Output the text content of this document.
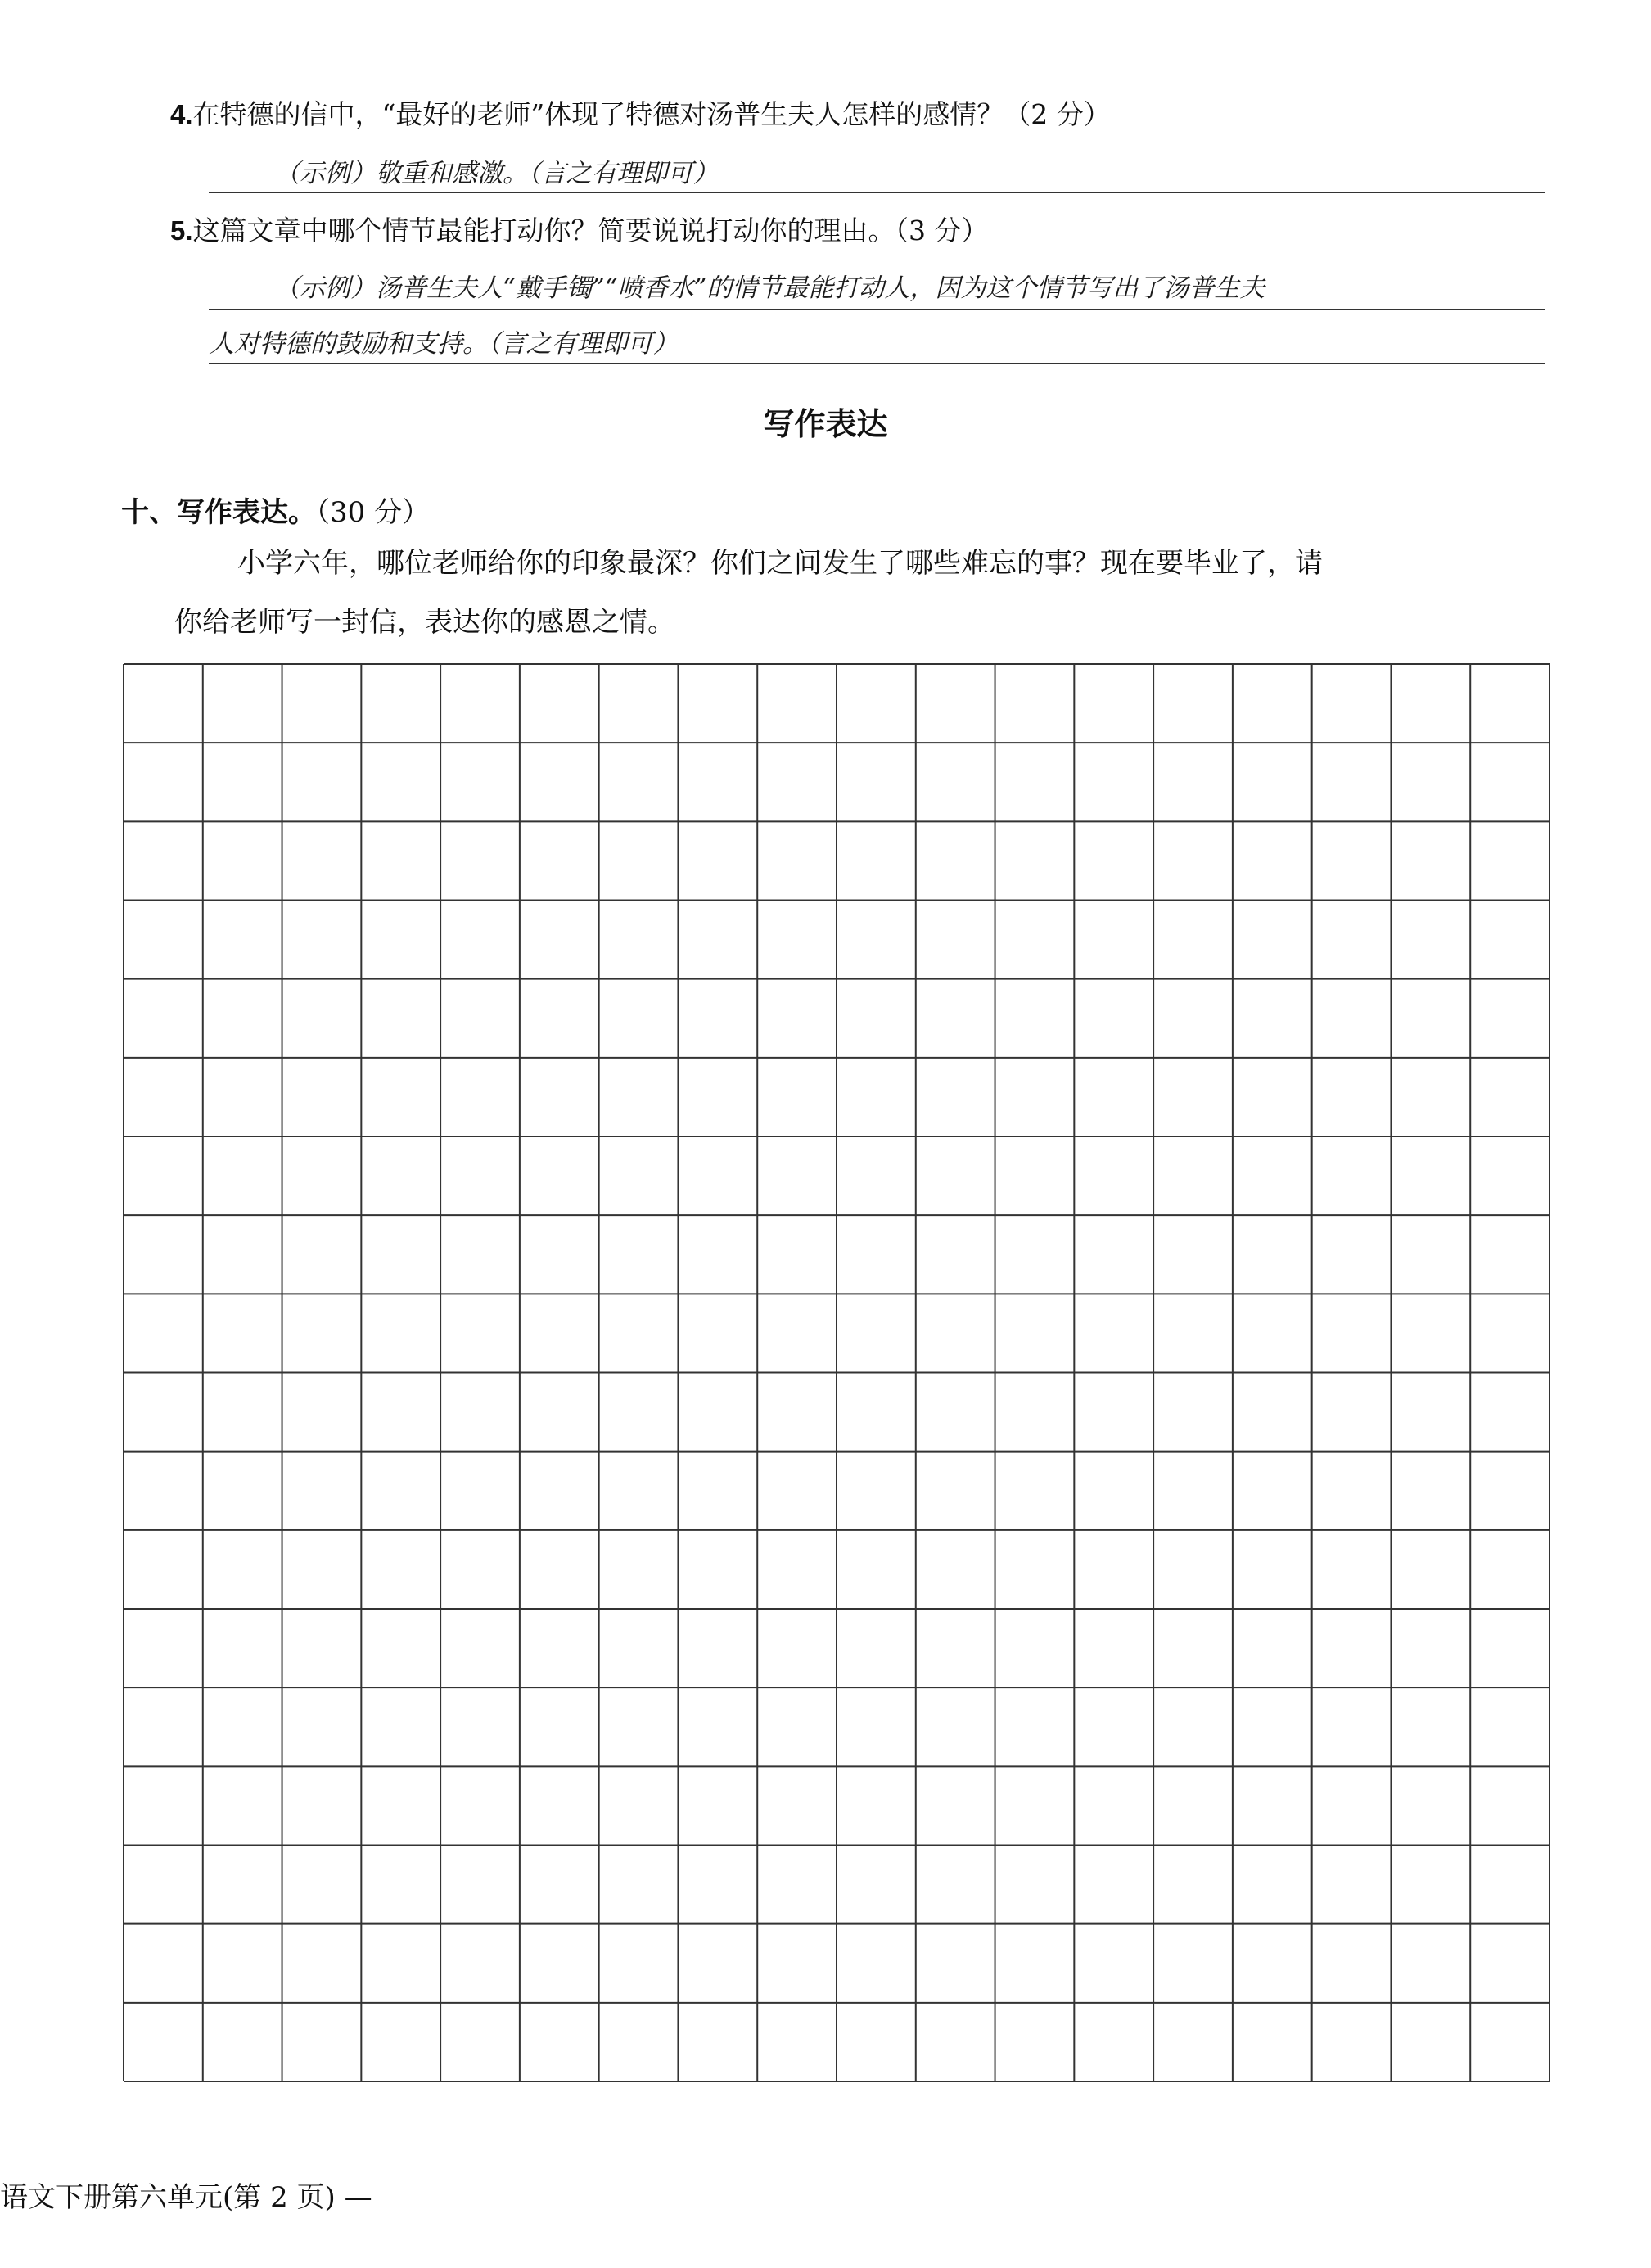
4.在特德的信中，“最好的老师”体现了特德对汤普生夫人怎样的感情？（2 分）
（示例）敬重和感激。（言之有理即可）
5.这篇文章中哪个情节最能打动你？简要说说打动你的理由。（3 分）
（示例）汤普生夫人“戴手镯”“喷香水”的情节最能打动人，因为这个情节写出了汤普生夫
人对特德的鼓励和支持。（言之有理即可）
写作表达
十、写作表达。（30 分）
小学六年，哪位老师给你的印象最深？你们之间发生了哪些难忘的事？现在要毕业了，请
你给老师写一封信，表达你的感恩之情。
语文下册第六单元(第 2 页) —
